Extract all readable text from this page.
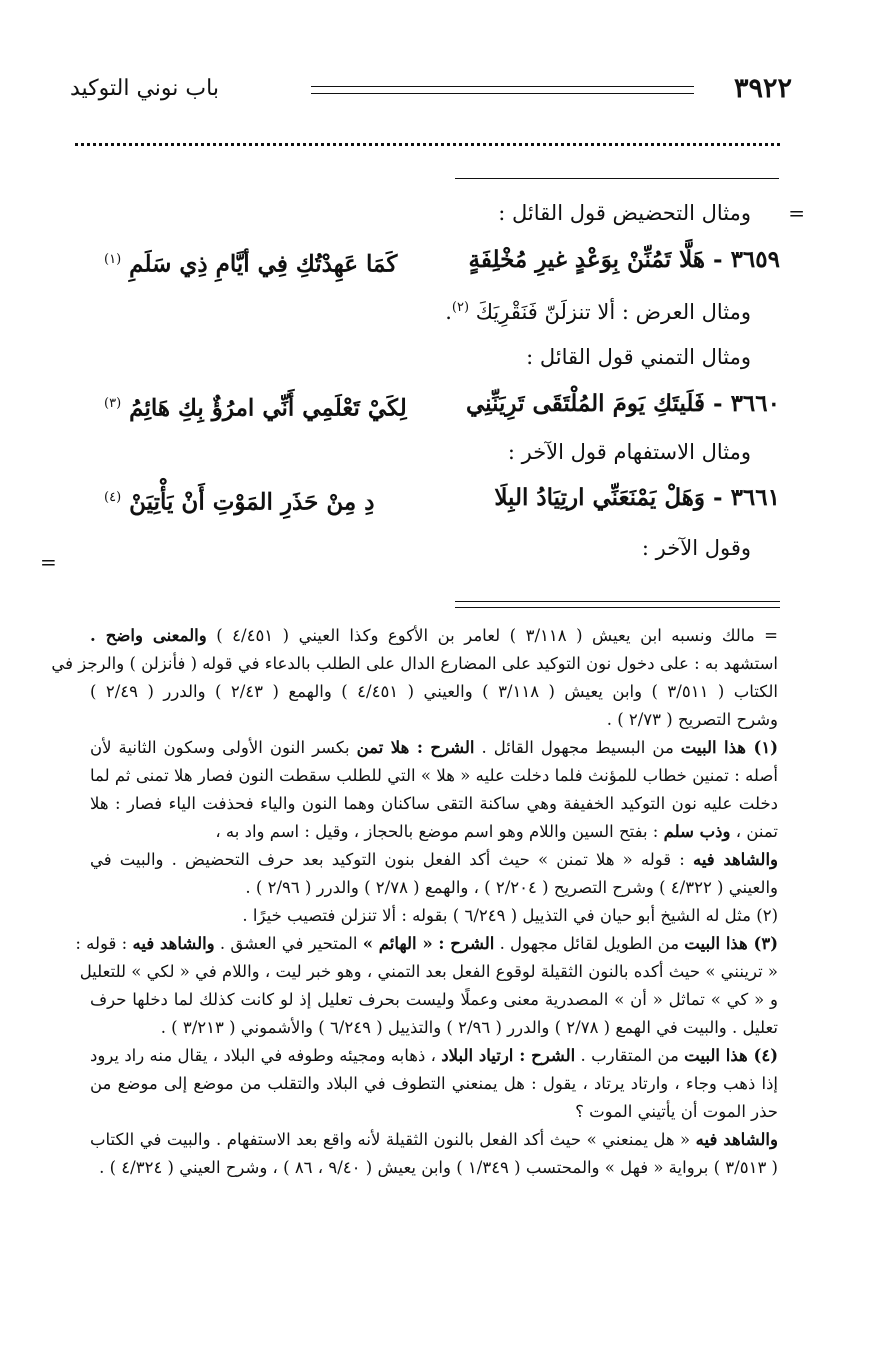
٣٩٢٢
باب نوني التوكيد
=
ومثال التحضيض قول القائل :
٣٦٥٩ - هَلَّا تَمُنِّنْ بِوَعْدٍ غيرِ مُخْلِفَةٍ
كَمَا عَهِدْتُكِ فِي أيَّامِ ذِي سَلَمِ $^{(١)}$
ومثال العرض : ألا تنزلَنّ فَنَقْرِيَكَ $^{(٢)}$.
ومثال التمني قول القائل :
٣٦٦٠ - فَلَيتَكِ يَومَ المُلْتَقَى تَرِيَنِّنِي
لِكَيْ تَعْلَمِي أَنِّي امرُؤٌ بِكِ هَائِمُ $^{(٣)}$
ومثال الاستفهام قول الآخر :
٣٦٦١ - وَهَلْ يَمْنَعَنِّي ارتِيَادُ البِلَا
دِ مِنْ حَذَرِ المَوْتِ أَنْ يَأْتِيَنْ $^{(٤)}$
وقول الآخر :
=
= مالك ونسبه ابن يعيش ( ٣/١١٨ ) لعامر بن الأكوع وكذا العيني ( ٤/٤٥١ ) والمعنى واضح .
استشهد به : على دخول نون التوكيد على المضارع الدال على الطلب بالدعاء في قوله ( فأنزلن ) والرجز في
الكتاب ( ٣/٥١١ ) وابن يعيش ( ٣/١١٨ ) والعيني ( ٤/٤٥١ ) والهمع ( ٢/٤٣ ) والدرر ( ٢/٤٩ )
وشرح التصريح ( ٢/٧٣ ) .
(١) هذا البيت من البسيط مجهول القائل . الشرح : هلا تمن بكسر النون الأولى وسكون الثانية لأن
أصله : تمنين خطاب للمؤنث فلما دخلت عليه « هلا » التي للطلب سقطت النون فصار هلا تمنى ثم لما
دخلت عليه نون التوكيد الخفيفة وهي ساكنة التقى ساكنان وهما النون والياء فحذفت الياء فصار : هلا
تمنن ، وذب سلم : بفتح السين واللام وهو اسم موضع بالحجاز ، وقيل : اسم واد به ،
والشاهد فيه : قوله « هلا تمنن » حيث أكد الفعل بنون التوكيد بعد حرف التحضيض . والبيت في
والعيني ( ٤/٣٢٢ ) وشرح التصريح ( ٢/٢٠٤ ) ، والهمع ( ٢/٧٨ ) والدرر ( ٢/٩٦ ) .
(٢) مثل له الشيخ أبو حيان في التذييل ( ٦/٢٤٩ ) بقوله : ألا تنزلن فتصيب خيرًا .
(٣) هذا البيت من الطويل لقائل مجهول . الشرح : « الهائم » المتحير في العشق . والشاهد فيه : قوله :
« ترينني » حيث أكده بالنون الثقيلة لوقوع الفعل بعد التمني ، وهو خبر ليت ، واللام في « لكي » للتعليل
و « كي » تماثل « أن » المصدرية معنى وعملًا وليست بحرف تعليل إذ لو كانت كذلك لما دخلها حرف
تعليل . والبيت في الهمع ( ٢/٧٨ ) والدرر ( ٢/٩٦ ) والتذييل ( ٦/٢٤٩ ) والأشموني ( ٣/٢١٣ ) .
(٤) هذا البيت من المتقارب . الشرح : ارتياد البلاد ، ذهابه ومجيئه وطوفه في البلاد ، يقال منه راد يرود
إذا ذهب وجاء ، وارتاد يرتاد ، يقول : هل يمنعني التطوف في البلاد والتقلب من موضع إلى موضع من
حذر الموت أن يأتيني الموت ؟
والشاهد فيه « هل يمنعني » حيث أكد الفعل بالنون الثقيلة لأنه واقع بعد الاستفهام . والبيت في الكتاب
( ٣/٥١٣ ) برواية « فهل » والمحتسب ( ١/٣٤٩ ) وابن يعيش ( ٩/٤٠ ، ٨٦ ) ، وشرح العيني ( ٤/٣٢٤ ) .
